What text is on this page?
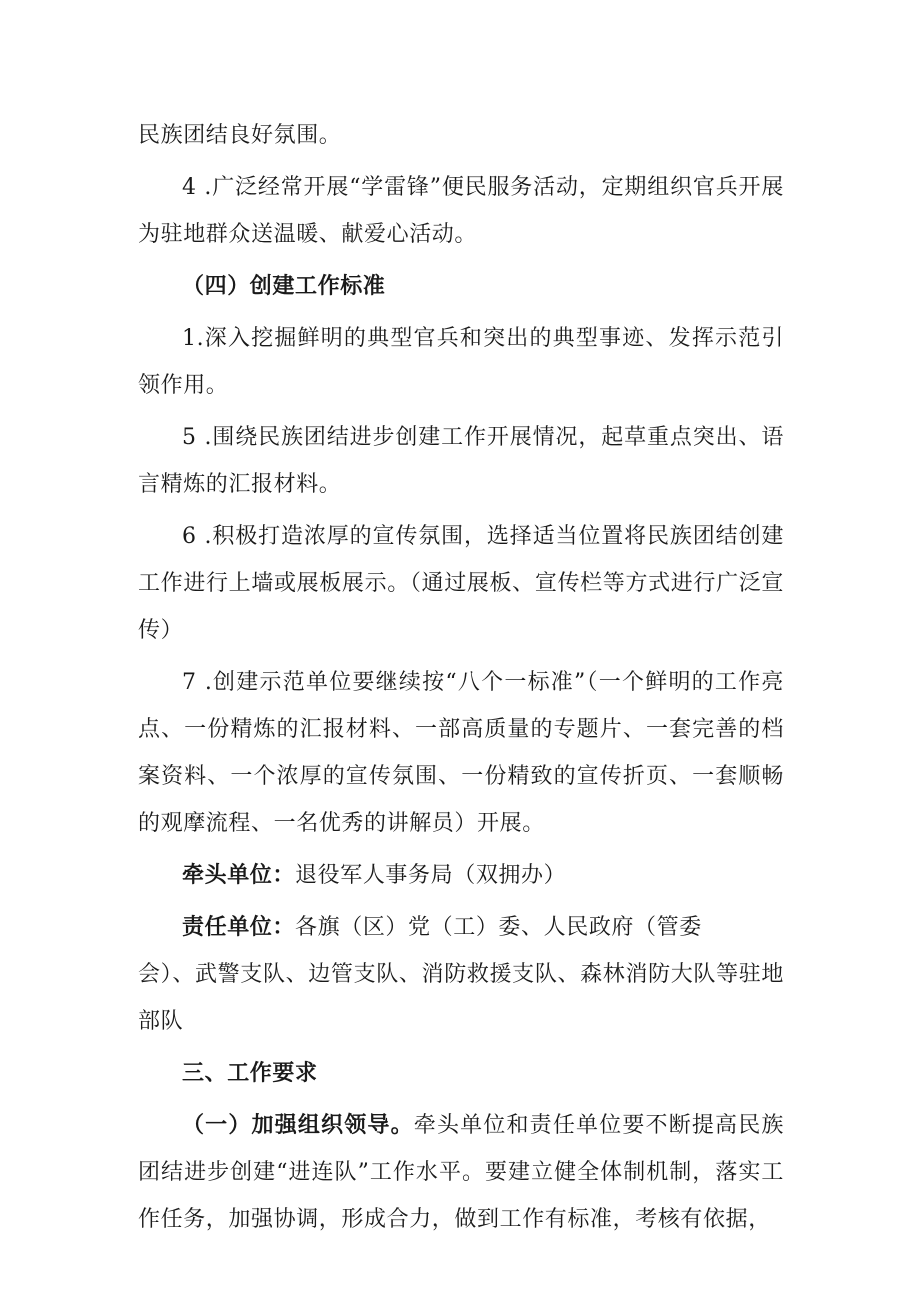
民族团结良好氛围。

4 .广泛经常开展“学雷锋”便民服务活动，定期组织官兵开展为驻地群众送温暖、献爱心活动。

（四）创建工作标准

1.深入挖掘鲜明的典型官兵和突出的典型事迹、发挥示范引领作用。

5 .围绕民族团结进步创建工作开展情况，起草重点突出、语言精炼的汇报材料。

6 .积极打造浓厚的宣传氛围，选择适当位置将民族团结创建工作进行上墙或展板展示。（通过展板、宣传栏等方式进行广泛宣传）

7 .创建示范单位要继续按“八个一标准”（一个鲜明的工作亮点、一份精炼的汇报材料、一部高质量的专题片、一套完善的档案资料、一个浓厚的宣传氛围、一份精致的宣传折页、一套顺畅的观摩流程、一名优秀的讲解员）开展。

牵头单位：退役军人事务局（双拥办）

责任单位：各旗（区）党（工）委、人民政府（管委
会）、武警支队、边管支队、消防救援支队、森林消防大队等驻地部队

三、工作要求

（一）加强组织领导。牵头单位和责任单位要不断提高民族团结进步创建“进连队”工作水平。要建立健全体制机制，落实工作任务，加强协调，形成合力，做到工作有标准，考核有依据，
